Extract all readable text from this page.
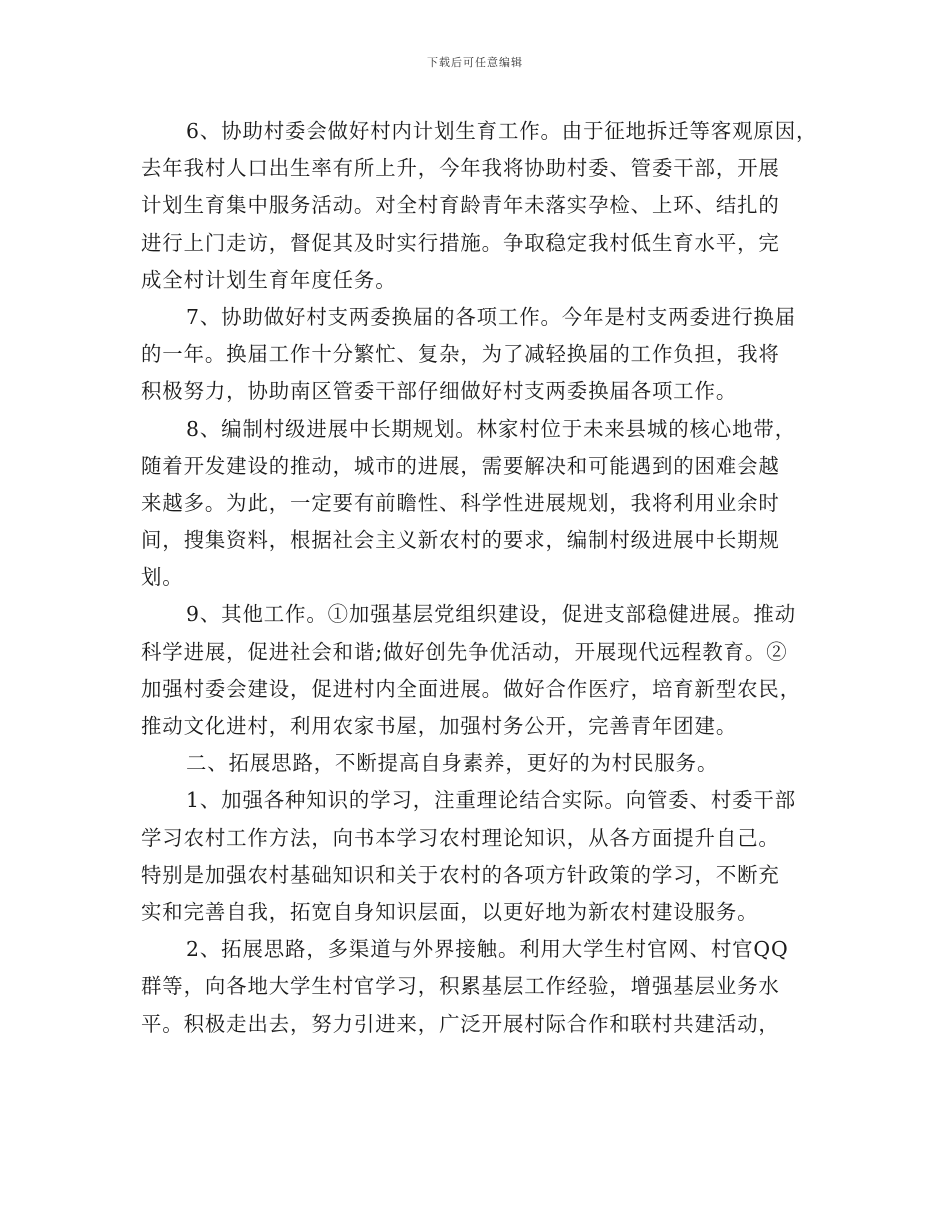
下载后可任意编辑
6、协助村委会做好村内计划生育工作。由于征地拆迁等客观原因，
去年我村人口出生率有所上升，今年我将协助村委、管委干部，开展
计划生育集中服务活动。对全村育龄青年未落实孕检、上环、结扎的
进行上门走访，督促其及时实行措施。争取稳定我村低生育水平，完
成全村计划生育年度任务。
7、协助做好村支两委换届的各项工作。今年是村支两委进行换届
的一年。换届工作十分繁忙、复杂，为了减轻换届的工作负担，我将
积极努力，协助南区管委干部仔细做好村支两委换届各项工作。
8、编制村级进展中长期规划。林家村位于未来县城的核心地带，
随着开发建设的推动，城市的进展，需要解决和可能遇到的困难会越
来越多。为此，一定要有前瞻性、科学性进展规划，我将利用业余时
间，搜集资料，根据社会主义新农村的要求，编制村级进展中长期规
划。
9、其他工作。①加强基层党组织建设，促进支部稳健进展。推动
科学进展，促进社会和谐;做好创先争优活动，开展现代远程教育。②
加强村委会建设，促进村内全面进展。做好合作医疗，培育新型农民，
推动文化进村，利用农家书屋，加强村务公开，完善青年团建。
二、拓展思路，不断提高自身素养，更好的为村民服务。
1、加强各种知识的学习，注重理论结合实际。向管委、村委干部
学习农村工作方法，向书本学习农村理论知识，从各方面提升自己。
特别是加强农村基础知识和关于农村的各项方针政策的学习，不断充
实和完善自我，拓宽自身知识层面，以更好地为新农村建设服务。
2、拓展思路，多渠道与外界接触。利用大学生村官网、村官QQ
群等，向各地大学生村官学习，积累基层工作经验，增强基层业务水
平。积极走出去，努力引进来，广泛开展村际合作和联村共建活动，
